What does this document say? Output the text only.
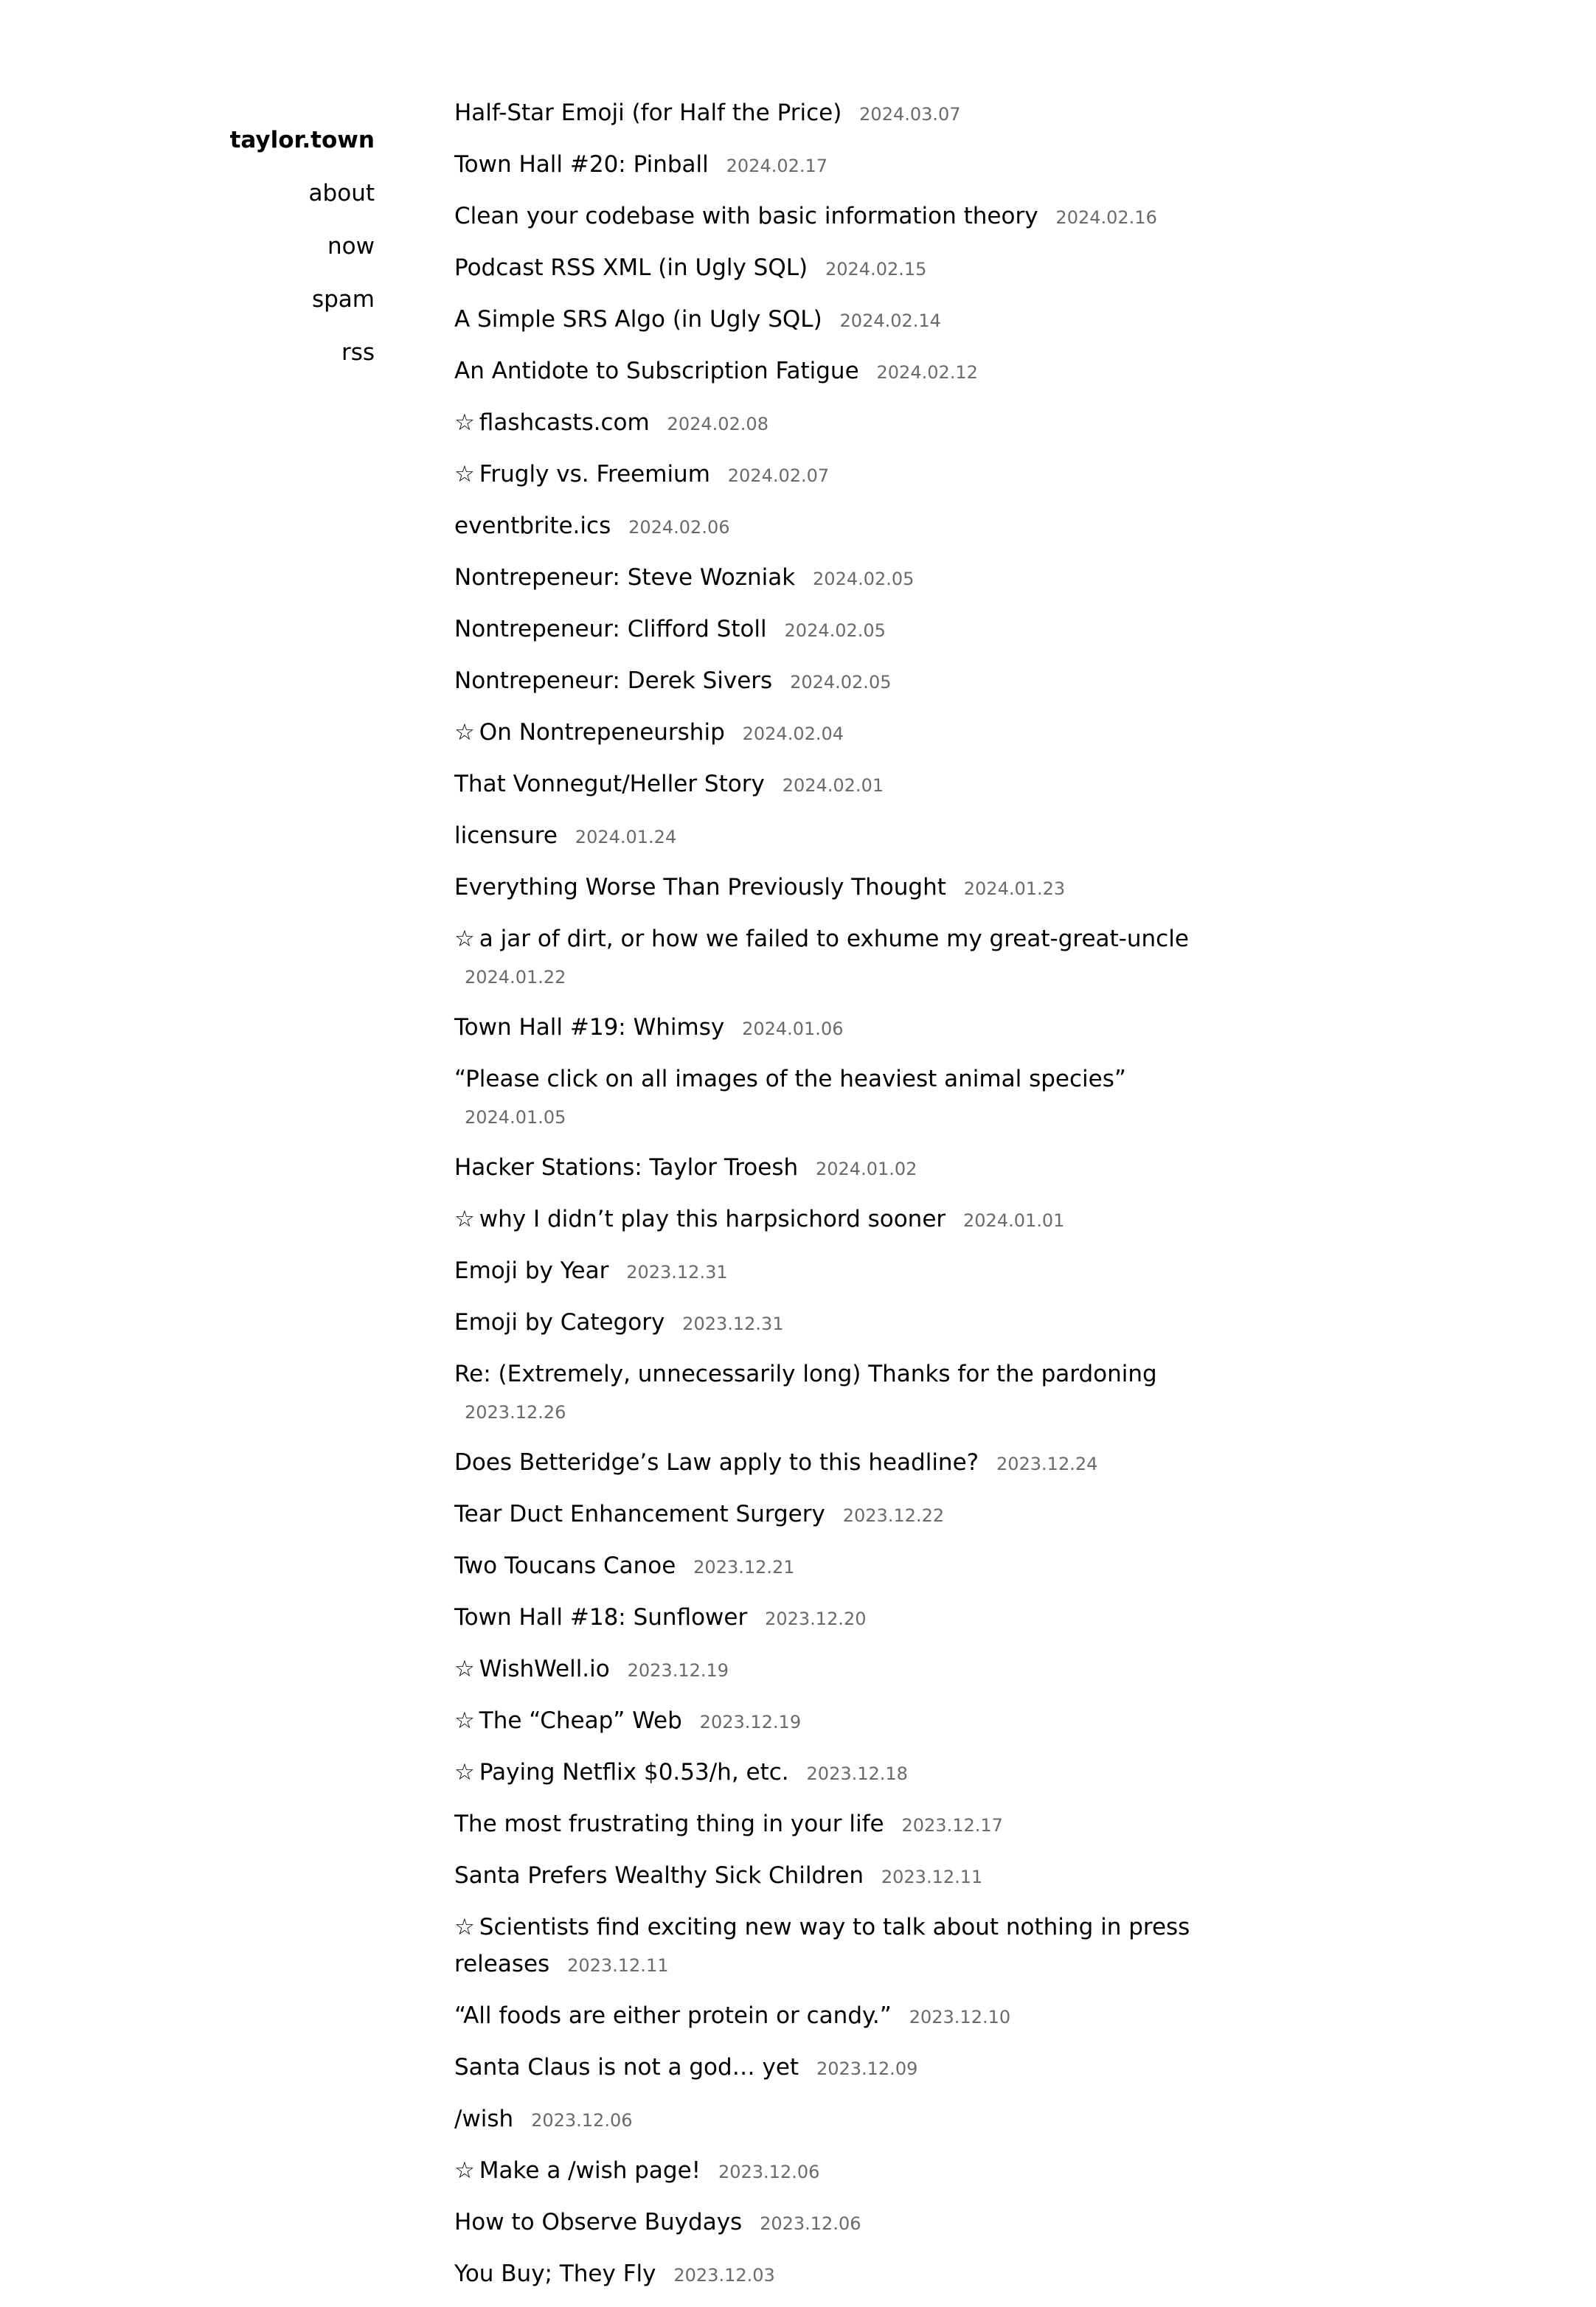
taylor.town
about
now
spam
rss
Half-Star Emoji (for Half the Price) 2024.03.07
Town Hall #20: Pinball 2024.02.17
Clean your codebase with basic information theory 2024.02.16
Podcast RSS XML (in Ugly SQL) 2024.02.15
A Simple SRS Algo (in Ugly SQL) 2024.02.14
An Antidote to Subscription Fatigue 2024.02.12
☆ flashcasts.com 2024.02.08
☆ Frugly vs. Freemium 2024.02.07
eventbrite.ics 2024.02.06
Nontrepeneur: Steve Wozniak 2024.02.05
Nontrepeneur: Clifford Stoll 2024.02.05
Nontrepeneur: Derek Sivers 2024.02.05
☆ On Nontrepeneurship 2024.02.04
That Vonnegut/Heller Story 2024.02.01
licensure 2024.01.24
Everything Worse Than Previously Thought 2024.01.23
☆ a jar of dirt, or how we failed to exhume my great-great-uncle 2024.01.22
Town Hall #19: Whimsy 2024.01.06
“Please click on all images of the heaviest animal species” 2024.01.05
Hacker Stations: Taylor Troesh 2024.01.02
☆ why I didn’t play this harpsichord sooner 2024.01.01
Emoji by Year 2023.12.31
Emoji by Category 2023.12.31
Re: (Extremely, unnecessarily long) Thanks for the pardoning 2023.12.26
Does Betteridge’s Law apply to this headline? 2023.12.24
Tear Duct Enhancement Surgery 2023.12.22
Two Toucans Canoe 2023.12.21
Town Hall #18: Sunflower 2023.12.20
☆ WishWell.io 2023.12.19
☆ The “Cheap” Web 2023.12.19
☆ Paying Netflix $0.53/h, etc. 2023.12.18
The most frustrating thing in your life 2023.12.17
Santa Prefers Wealthy Sick Children 2023.12.11
☆ Scientists find exciting new way to talk about nothing in press releases 2023.12.11
“All foods are either protein or candy.” 2023.12.10
Santa Claus is not a god… yet 2023.12.09
/wish 2023.12.06
☆ Make a /wish page! 2023.12.06
How to Observe Buydays 2023.12.06
You Buy; They Fly 2023.12.03
